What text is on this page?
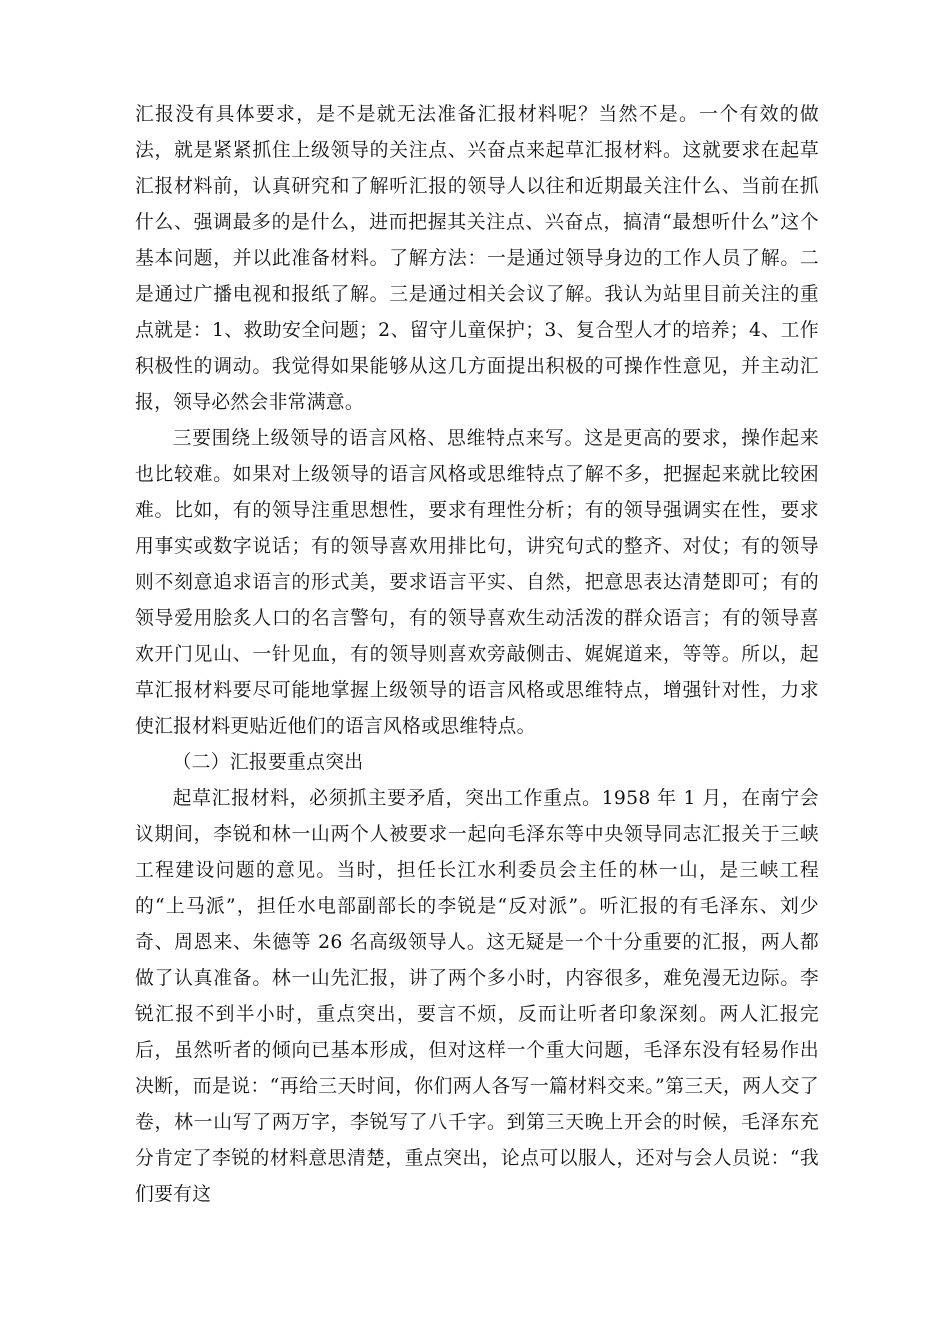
汇报没有具体要求，是不是就无法准备汇报材料呢？当然不是。一个有效的做法，就是紧紧抓住上级领导的关注点、兴奋点来起草汇报材料。这就要求在起草汇报材料前，认真研究和了解听汇报的领导人以往和近期最关注什么、当前在抓什么、强调最多的是什么，进而把握其关注点、兴奋点，搞清“最想听什么”这个基本问题，并以此准备材料。了解方法：一是通过领导身边的工作人员了解。二是通过广播电视和报纸了解。三是通过相关会议了解。我认为站里目前关注的重点就是：1、救助安全问题；2、留守儿童保护；3、复合型人才的培养；4、工作积极性的调动。我觉得如果能够从这几方面提出积极的可操作性意见，并主动汇报，领导必然会非常满意。

三要围绕上级领导的语言风格、思维特点来写。这是更高的要求，操作起来也比较难。如果对上级领导的语言风格或思维特点了解不多，把握起来就比较困难。比如，有的领导注重思想性，要求有理性分析；有的领导强调实在性，要求用事实或数字说话；有的领导喜欢用排比句，讲究句式的整齐、对仗；有的领导则不刻意追求语言的形式美，要求语言平实、自然，把意思表达清楚即可；有的领导爱用脍炙人口的名言警句，有的领导喜欢生动活泼的群众语言；有的领导喜欢开门见山、一针见血，有的领导则喜欢旁敲侧击、娓娓道来，等等。所以，起草汇报材料要尽可能地掌握上级领导的语言风格或思维特点，增强针对性，力求使汇报材料更贴近他们的语言风格或思维特点。

（二）汇报要重点突出

起草汇报材料，必须抓主要矛盾，突出工作重点。1958 年 1 月，在南宁会议期间，李锐和林一山两个人被要求一起向毛泽东等中央领导同志汇报关于三峡工程建设问题的意见。当时，担任长江水利委员会主任的林一山，是三峡工程的“上马派”，担任水电部副部长的李锐是“反对派”。听汇报的有毛泽东、刘少奇、周恩来、朱德等 26 名高级领导人。这无疑是一个十分重要的汇报，两人都做了认真准备。林一山先汇报，讲了两个多小时，内容很多，难免漫无边际。李锐汇报不到半小时，重点突出，要言不烦，反而让听者印象深刻。两人汇报完后，虽然听者的倾向已基本形成，但对这样一个重大问题，毛泽东没有轻易作出决断，而是说：“再给三天时间，你们两人各写一篇材料交来。”第三天，两人交了卷，林一山写了两万字，李锐写了八千字。到第三天晚上开会的时候，毛泽东充分肯定了李锐的材料意思清楚，重点突出，论点可以服人，还对与会人员说：“我们要有这
